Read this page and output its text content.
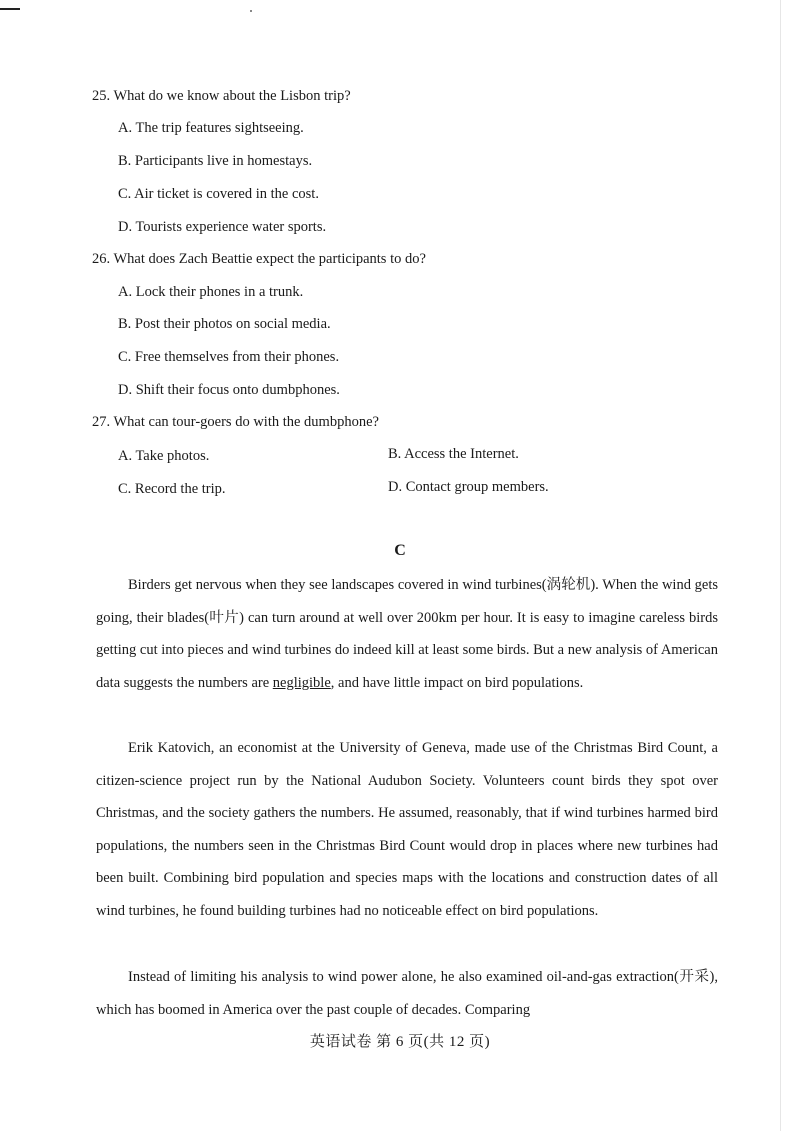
25. What do we know about the Lisbon trip?
A. The trip features sightseeing.
B. Participants live in homestays.
C. Air ticket is covered in the cost.
D. Tourists experience water sports.
26. What does Zach Beattie expect the participants to do?
A. Lock their phones in a trunk.
B. Post their photos on social media.
C. Free themselves from their phones.
D. Shift their focus onto dumbphones.
27. What can tour-goers do with the dumbphone?
A. Take photos.	B. Access the Internet.
C. Record the trip.	D. Contact group members.
C
Birders get nervous when they see landscapes covered in wind turbines(涡轮机). When the wind gets going, their blades(叶片) can turn around at well over 200km per hour. It is easy to imagine careless birds getting cut into pieces and wind turbines do indeed kill at least some birds. But a new analysis of American data suggests the numbers are negligible, and have little impact on bird populations.
Erik Katovich, an economist at the University of Geneva, made use of the Christmas Bird Count, a citizen-science project run by the National Audubon Society. Volunteers count birds they spot over Christmas, and the society gathers the numbers. He assumed, reasonably, that if wind turbines harmed bird populations, the numbers seen in the Christmas Bird Count would drop in places where new turbines had been built. Combining bird population and species maps with the locations and construction dates of all wind turbines, he found building turbines had no noticeable effect on bird populations.
Instead of limiting his analysis to wind power alone, he also examined oil-and-gas extraction(开采), which has boomed in America over the past couple of decades. Comparing
英语试卷 第 6 页(共 12 页)
